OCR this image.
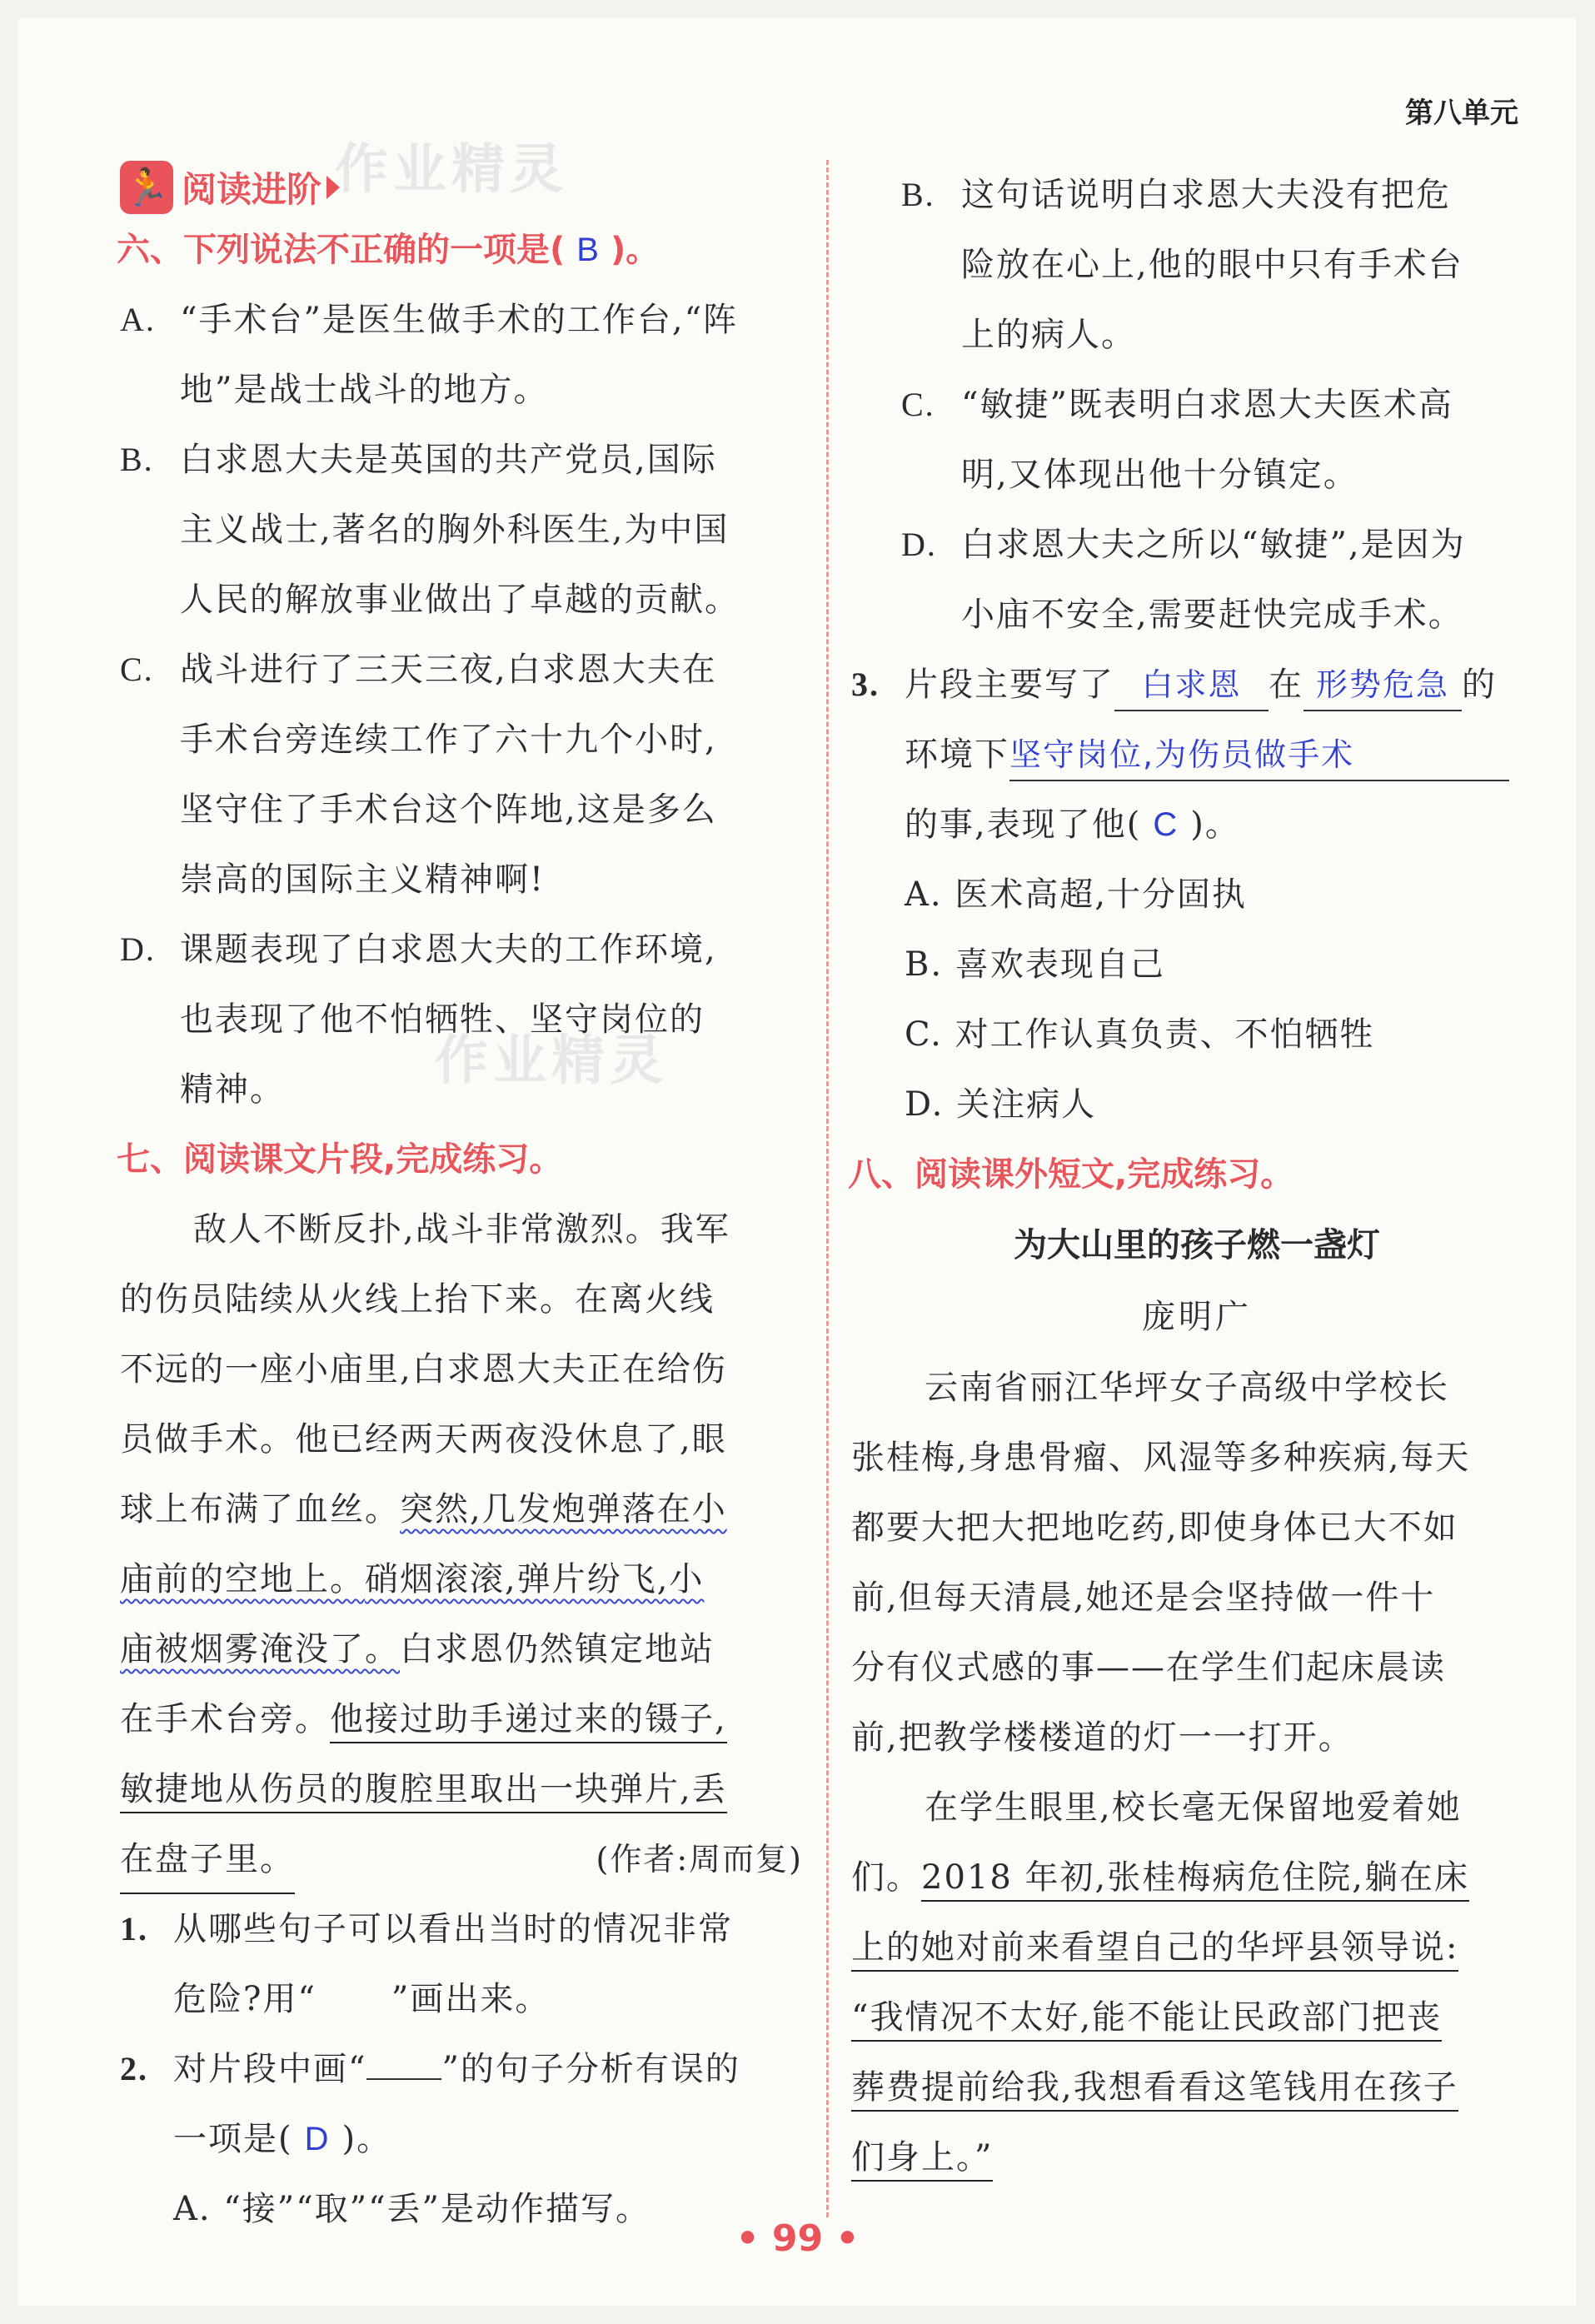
第八单元
作业精灵
作业精灵
🏃 阅读进阶
六、下列说法不正确的一项是( B )。
A. “手术台”是医生做手术的工作台,“阵
地”是战士战斗的地方。
B. 白求恩大夫是英国的共产党员,国际
主义战士,著名的胸外科医生,为中国
人民的解放事业做出了卓越的贡献。
C. 战斗进行了三天三夜,白求恩大夫在
手术台旁连续工作了六十九个小时,
坚守住了手术台这个阵地,这是多么
崇高的国际主义精神啊!
D. 课题表现了白求恩大夫的工作环境,
也表现了他不怕牺牲、坚守岗位的
精神。
七、阅读课文片段,完成练习。
敌人不断反扑,战斗非常激烈。我军
的伤员陆续从火线上抬下来。在离火线
不远的一座小庙里,白求恩大夫正在给伤
员做手术。他已经两天两夜没休息了,眼
球上布满了血丝。突然,几发炮弹落在小
庙前的空地上。硝烟滚滚,弹片纷飞,小
庙被烟雾淹没了。白求恩仍然镇定地站
在手术台旁。他接过助手递过来的镊子,
敏捷地从伤员的腹腔里取出一块弹片,丢
在盘子里。	(作者:周而复)
1. 从哪些句子可以看出当时的情况非常
危险?用“ ”画出来。
2. 对片段中画“ ”的句子分析有误的
一项是( D )。
A. “接”“取”“丢”是动作描写。
B. 这句话说明白求恩大夫没有把危
险放在心上,他的眼中只有手术台
上的病人。
C. “敏捷”既表明白求恩大夫医术高
明,又体现出他十分镇定。
D. 白求恩大夫之所以“敏捷”,是因为
小庙不安全,需要赶快完成手术。
3. 片段主要写了 白求恩 在 形势危急 的
环境下坚守岗位,为伤员做手术
的事,表现了他( C )。
A. 医术高超,十分固执
B. 喜欢表现自己
C. 对工作认真负责、不怕牺牲
D. 关注病人
八、阅读课外短文,完成练习。
为大山里的孩子燃一盏灯
庞明广
云南省丽江华坪女子高级中学校长
张桂梅,身患骨瘤、风湿等多种疾病,每天
都要大把大把地吃药,即使身体已大不如
前,但每天清晨,她还是会坚持做一件十
分有仪式感的事——在学生们起床晨读
前,把教学楼楼道的灯一一打开。
在学生眼里,校长毫无保留地爱着她
们。2018 年初,张桂梅病危住院,躺在床
上的她对前来看望自己的华坪县领导说:
“我情况不太好,能不能让民政部门把丧
葬费提前给我,我想看看这笔钱用在孩子
们身上。”
• 99 •
